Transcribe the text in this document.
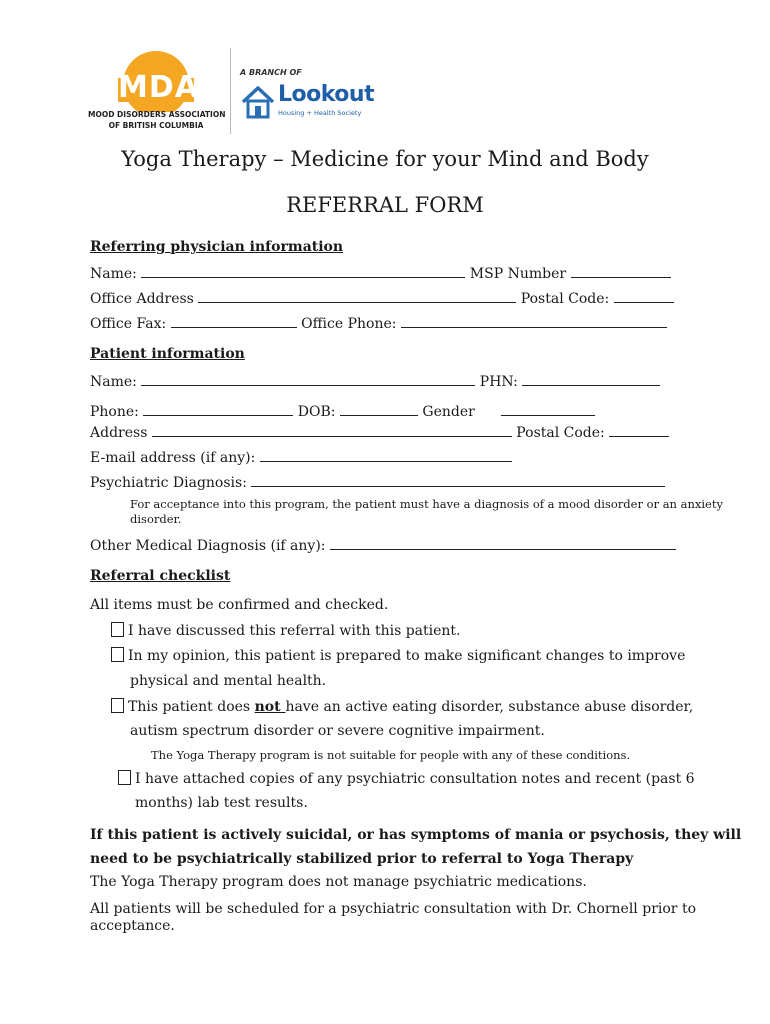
MDA
MOOD DISORDERS ASSOCIATION
OF BRITISH COLUMBIA
A BRANCH OF
Lookout
Housing + Health Society
Yoga Therapy – Medicine for your Mind and Body
REFERRAL FORM
Referring physician information
Name:	MSP Number
Office Address	Postal Code:
Office Fax:	Office Phone:
Patient information
Name:	PHN:
Phone:	DOB:	Gender
Address	Postal Code:
E-mail address (if any):
Psychiatric Diagnosis:
For acceptance into this program, the patient must have a diagnosis of a mood disorder or an anxiety
disorder.
Other Medical Diagnosis (if any):
Referral checklist
All items must be confirmed and checked.
I have discussed this referral with this patient.
In my opinion, this patient is prepared to make significant changes to improve
physical and mental health.
This patient does not have an active eating disorder, substance abuse disorder,
autism spectrum disorder or severe cognitive impairment.
The Yoga Therapy program is not suitable for people with any of these conditions.
I have attached copies of any psychiatric consultation notes and recent (past 6
months) lab test results.
If this patient is actively suicidal, or has symptoms of mania or psychosis, they will
need to be psychiatrically stabilized prior to referral to Yoga Therapy
The Yoga Therapy program does not manage psychiatric medications.
All patients will be scheduled for a psychiatric consultation with Dr. Chornell prior to
acceptance.
